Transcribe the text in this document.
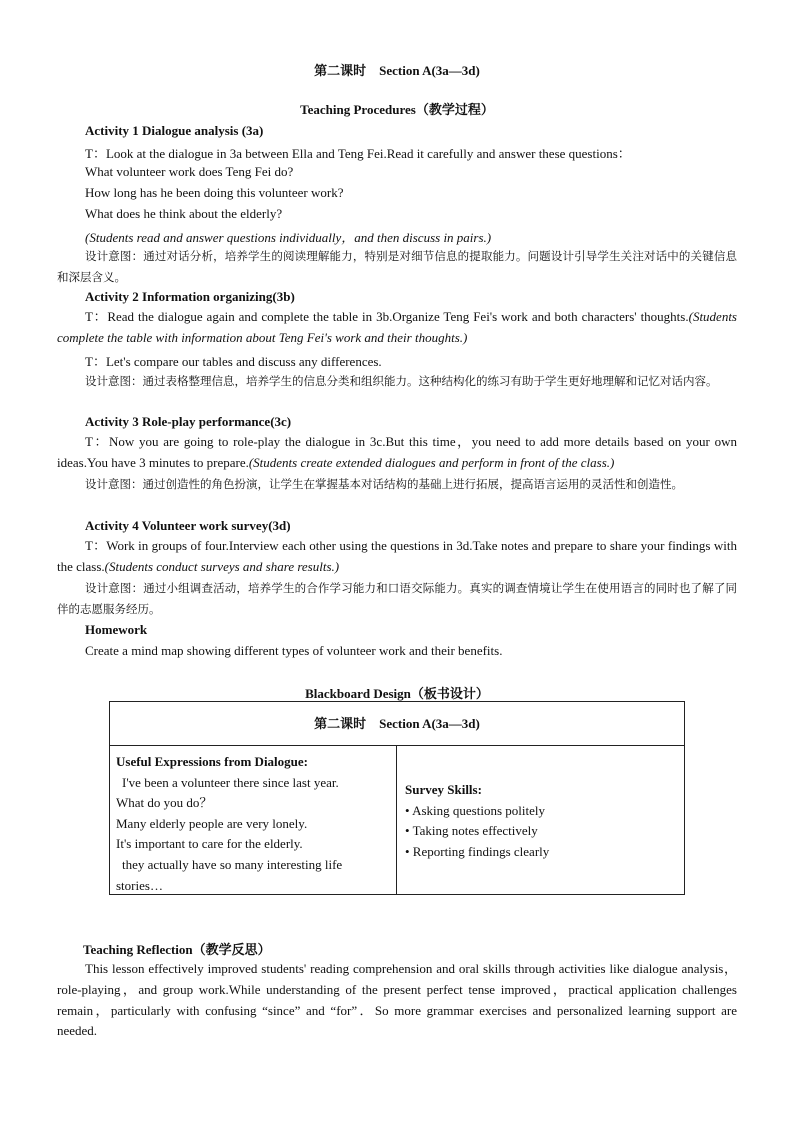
第二课时　Section A(3a—3d)
Teaching Procedures（教学过程）
Activity 1 Dialogue analysis (3a)
T：Look at the dialogue in 3a between Ella and Teng Fei.Read it carefully and answer these questions：
What volunteer work does Teng Fei do?
How long has he been doing this volunteer work?
What does he think about the elderly?
(Students read and answer questions individually，and then discuss in pairs.)
设计意图：通过对话分析，培养学生的阅读理解能力，特别是对细节信息的提取能力。问题设计引导学生关注对话中的关键信息和深层含义。
Activity 2 Information organizing(3b)
T：Read the dialogue again and complete the table in 3b.Organize Teng Fei's work and both characters' thoughts.(Students complete the table with information about Teng Fei's work and their thoughts.)
T：Let's compare our tables and discuss any differences.
设计意图：通过表格整理信息，培养学生的信息分类和组织能力。这种结构化的练习有助于学生更好地理解和记忆对话内容。
Activity 3 Role-play performance(3c)
T：Now you are going to role-play the dialogue in 3c.But this time，you need to add more details based on your own ideas.You have 3 minutes to prepare.(Students create extended dialogues and perform in front of the class.)
设计意图：通过创造性的角色扮演，让学生在掌握基本对话结构的基础上进行拓展，提高语言运用的灵活性和创造性。
Activity 4 Volunteer work survey(3d)
T：Work in groups of four.Interview each other using the questions in 3d.Take notes and prepare to share your findings with the class.(Students conduct surveys and share results.)
设计意图：通过小组调查活动，培养学生的合作学习能力和口语交际能力。真实的调查情境让学生在使用语言的同时也了解了同伴的志愿服务经历。
Homework
Create a mind map showing different types of volunteer work and their benefits.
Blackboard Design（板书设计）
第二课时　Section A(3a—3d)
Useful Expressions from Dialogue:
I've been a volunteer there since last year.
What do you do？
Many elderly people are very lonely.
It's important to care for the elderly.
they actually have so many interesting life
stories…
Survey Skills:
• Asking questions politely
• Taking notes effectively
• Reporting findings clearly
Teaching Reflection（教学反思）
This lesson effectively improved students' reading comprehension and oral skills through activities like dialogue analysis，role-playing，and group work.While understanding of the present perfect tense improved，practical application challenges remain，particularly with confusing “since” and “for”．So more grammar exercises and personalized learning support are needed.
